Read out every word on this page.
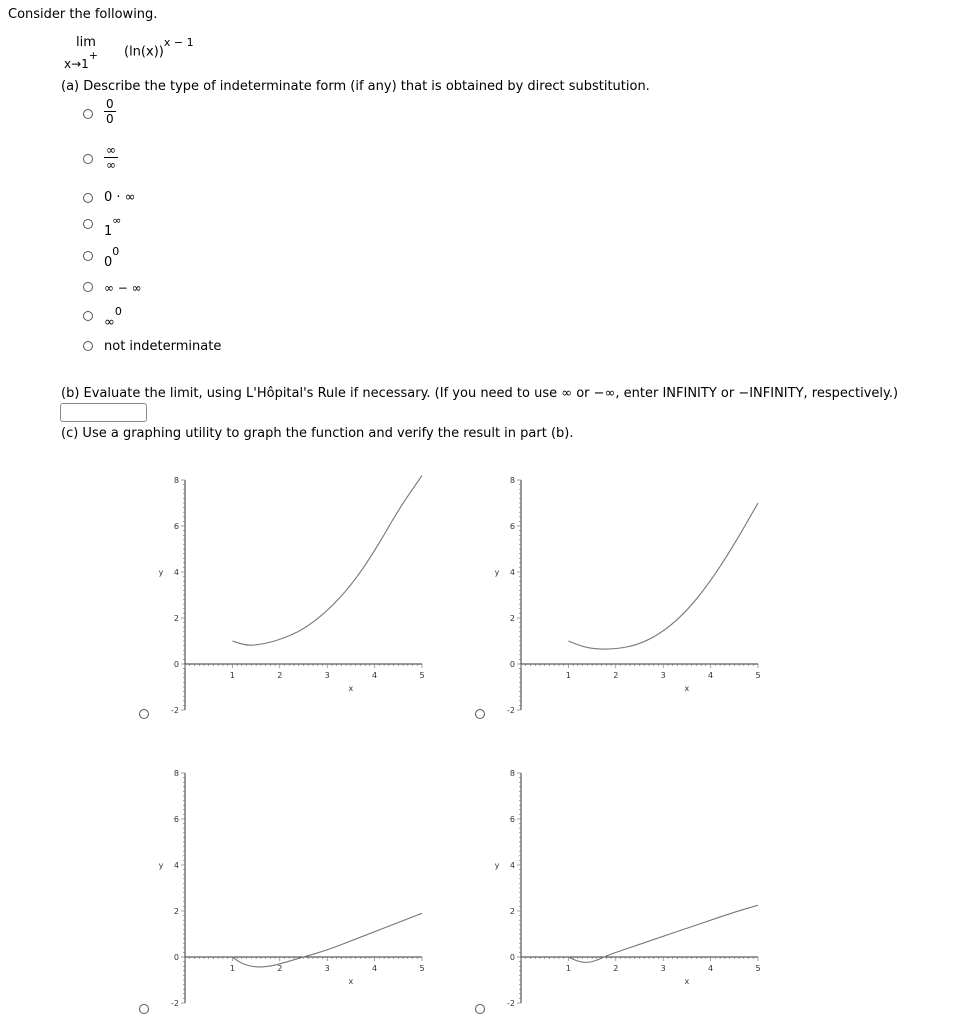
Consider the following.
lim
x→1+ $(\ln(x))^{x - 1}$
(a) Describe the type of indeterminate form (if any) that is obtained by direct substitution.
$\frac{0}{0}$
∞
∞
0 · ∞
1∞
$0^0$
∞ − ∞
∞$^0$
not indeterminate
(b) Evaluate the limit, using L'Hôpital's Rule if necessary. (If you need to use ∞ or −∞, enter INFINITY or −INFINITY, respectively.)
(c) Use a graphing utility to graph the function and verify the result in part (b).
1	2	3	4	5
-2
0
2
4
6
8
x
y
1	2	3	4	5
-2
0
2
4
6
8
x
y
1	2	3	4	5
-2
0
2
4
6
8
x
y
1	2	3	4	5
-2
0
2
4
6
8
x
y
